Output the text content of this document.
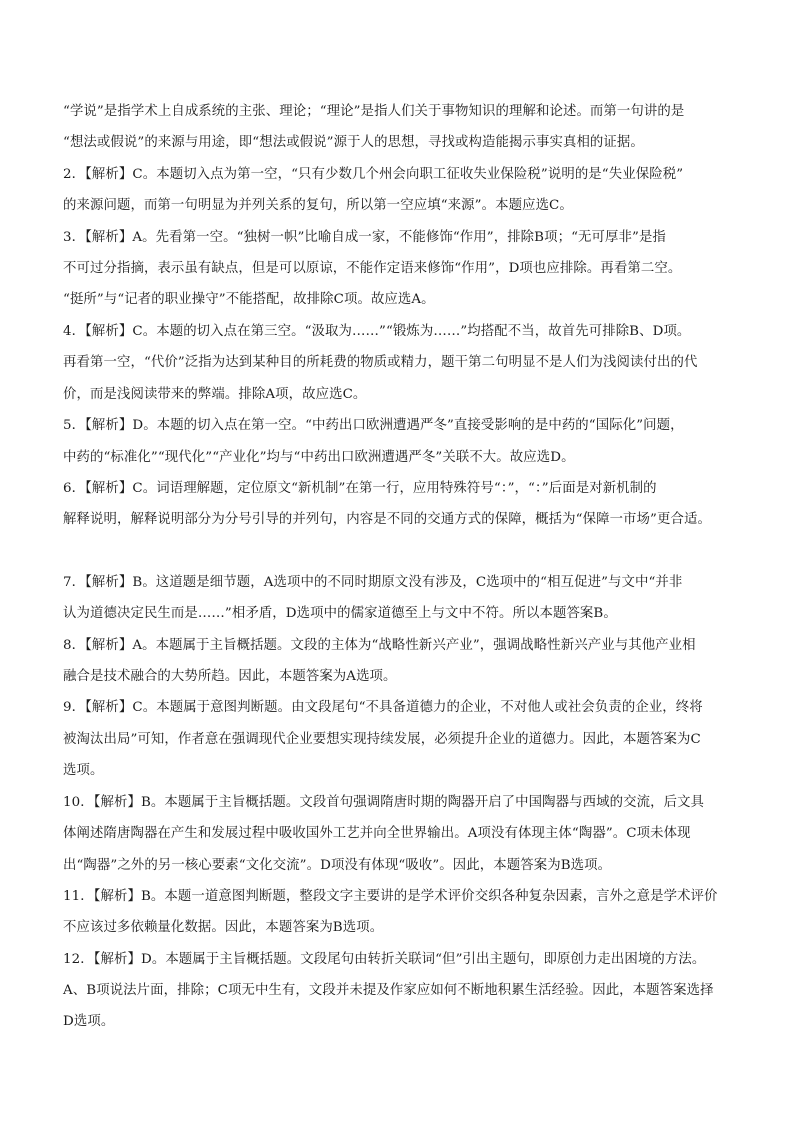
“学说”是指学术上自成系统的主张、理论；“理论”是指人们关于事物知识的理解和论述。而第一句讲的是
“想法或假说”的来源与用途，即“想法或假说”源于人的思想，寻找或构造能揭示事实真相的证据。
2．【解析】C。本题切入点为第一空，“只有少数几个州会向职工征收失业保险税”说明的是“失业保险税”
的来源问题，而第一句明显为并列关系的复句，所以第一空应填“来源”。本题应选C。
3．【解析】A。先看第一空。“独树一帜”比喻自成一家，不能修饰“作用”，排除B项；“无可厚非”是指
不可过分指摘，表示虽有缺点，但是可以原谅，不能作定语来修饰“作用”，D项也应排除。再看第二空。
“挺所”与“记者的职业操守”不能搭配，故排除C项。故应选A。
4．【解析】C。本题的切入点在第三空。“汲取为……”“锻炼为……”均搭配不当，故首先可排除B、D项。
再看第一空，“代价”泛指为达到某种目的所耗费的物质或精力，题干第二句明显不是人们为浅阅读付出的代
价，而是浅阅读带来的弊端。排除A项，故应选C。
5．【解析】D。本题的切入点在第一空。“中药出口欧洲遭遇严冬”直接受影响的是中药的“国际化”问题，
中药的“标准化”“现代化”“产业化”均与“中药出口欧洲遭遇严冬”关联不大。故应选D。
6．【解析】C。词语理解题，定位原文“新机制”在第一行，应用特殊符号“：”，“：”后面是对新机制的
解释说明，解释说明部分为分号引导的并列句，内容是不同的交通方式的保障，概括为“保障一市场”更合适。
7．【解析】B。这道题是细节题，A选项中的不同时期原文没有涉及，C选项中的“相互促进”与文中“并非
认为道德决定民生而是……”相矛盾，D选项中的儒家道德至上与文中不符。所以本题答案B。
8．【解析】A。本题属于主旨概括题。文段的主体为“战略性新兴产业”，强调战略性新兴产业与其他产业相
融合是技术融合的大势所趋。因此，本题答案为A选项。
9．【解析】C。本题属于意图判断题。由文段尾句“不具备道德力的企业，不对他人或社会负责的企业，终将
被淘汰出局”可知，作者意在强调现代企业要想实现持续发展，必须提升企业的道德力。因此，本题答案为C
选项。
10．【解析】B。本题属于主旨概括题。文段首句强调隋唐时期的陶器开启了中国陶器与西域的交流，后文具
体阐述隋唐陶器在产生和发展过程中吸收国外工艺并向全世界输出。A项没有体现主体“陶器”。C项未体现
出“陶器”之外的另一核心要素“文化交流”。D项没有体现“吸收”。因此，本题答案为B选项。
11．【解析】B。本题一道意图判断题，整段文字主要讲的是学术评价交织各种复杂因素，言外之意是学术评价
不应该过多依赖量化数据。因此，本题答案为B选项。
12．【解析】D。本题属于主旨概括题。文段尾句由转折关联词“但”引出主题句，即原创力走出困境的方法。
A、B项说法片面，排除；C项无中生有，文段并未提及作家应如何不断地积累生活经验。因此，本题答案选择
D选项。
